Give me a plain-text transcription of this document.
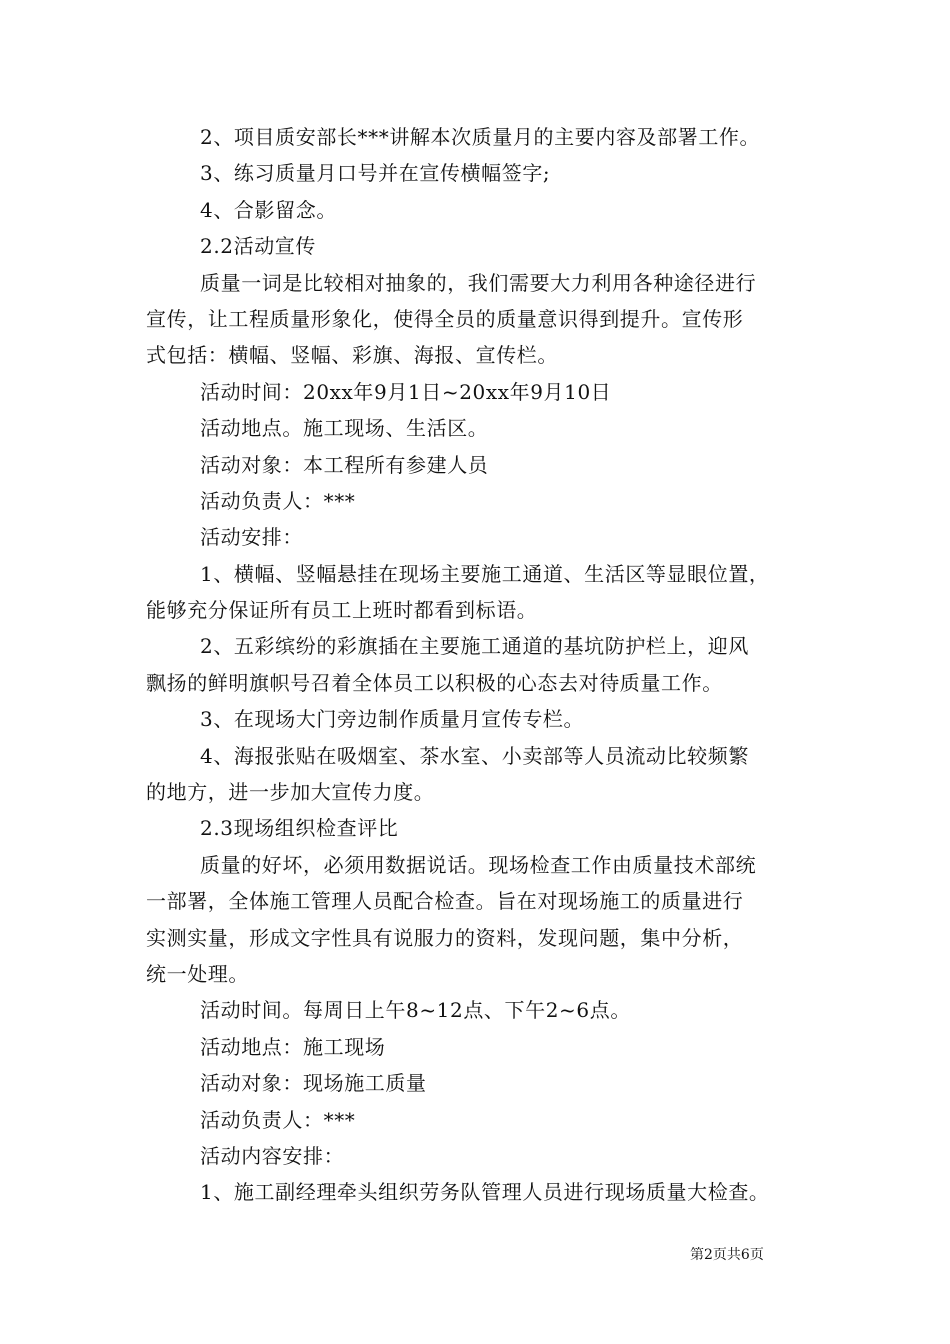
2、项目质安部长***讲解本次质量月的主要内容及部署工作。
3、练习质量月口号并在宣传横幅签字;
4、合影留念。
2.2活动宣传
质量一词是比较相对抽象的，我们需要大力利用各种途径进行
宣传，让工程质量形象化，使得全员的质量意识得到提升。宣传形
式包括：横幅、竖幅、彩旗、海报、宣传栏。
活动时间：20xx年9月1日~20xx年9月10日
活动地点。施工现场、生活区。
活动对象：本工程所有参建人员
活动负责人：***
活动安排：
1、横幅、竖幅悬挂在现场主要施工通道、生活区等显眼位置，
能够充分保证所有员工上班时都看到标语。
2、五彩缤纷的彩旗插在主要施工通道的基坑防护栏上，迎风
飘扬的鲜明旗帜号召着全体员工以积极的心态去对待质量工作。
3、在现场大门旁边制作质量月宣传专栏。
4、海报张贴在吸烟室、茶水室、小卖部等人员流动比较频繁
的地方，进一步加大宣传力度。
2.3现场组织检查评比
质量的好坏，必须用数据说话。现场检查工作由质量技术部统
一部署，全体施工管理人员配合检查。旨在对现场施工的质量进行
实测实量，形成文字性具有说服力的资料，发现问题，集中分析，
统一处理。
活动时间。每周日上午8~12点、下午2~6点。
活动地点：施工现场
活动对象：现场施工质量
活动负责人：***
活动内容安排：
1、施工副经理牵头组织劳务队管理人员进行现场质量大检查。
第2页共6页
